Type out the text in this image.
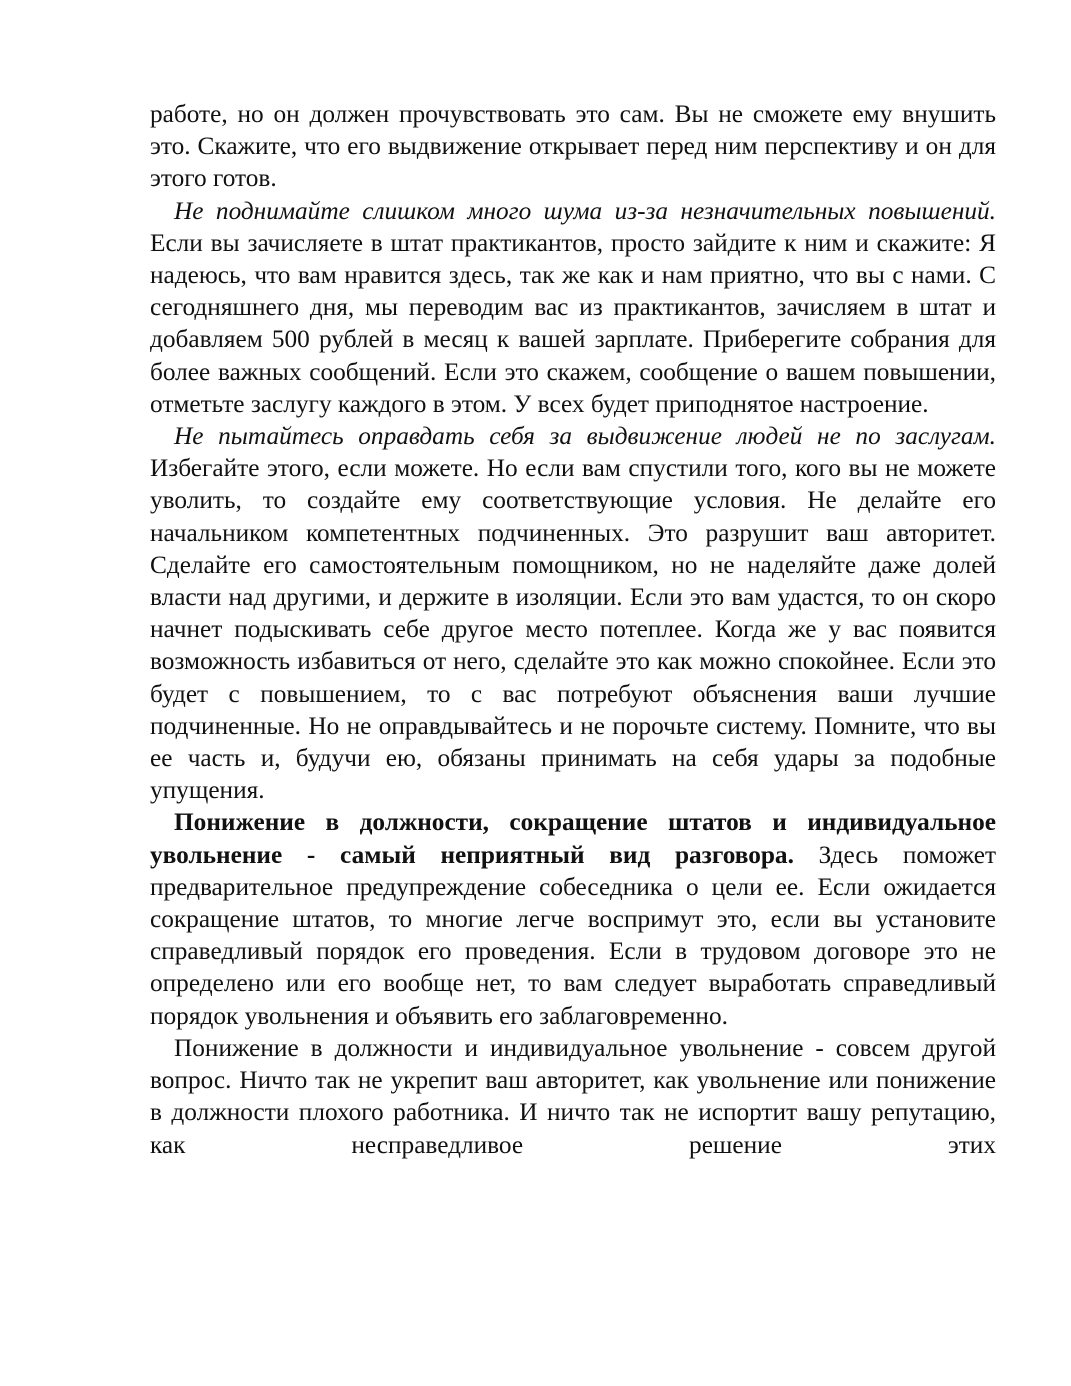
работе, но он должен прочувствовать это сам. Вы не сможете ему внушить это. Скажите, что его выдвижение открывает перед ним перспективу и он для этого готов.

Не поднимайте слишком много шума из-за незначительных повышений. Если вы зачисляете в штат практикантов, просто зайдите к ним и скажите: Я надеюсь, что вам нравится здесь, так же как и нам приятно, что вы с нами. С сегодняшнего дня, мы переводим вас из практикантов, зачисляем в штат и добавляем 500 рублей в месяц к вашей зарплате. Приберегите собрания для более важных сообщений. Если это скажем, сообщение о вашем повышении, отметьте заслугу каждого в этом. У всех будет приподнятое настроение.

Не пытайтесь оправдать себя за выдвижение людей не по заслугам. Избегайте этого, если можете. Но если вам спустили того, кого вы не можете уволить, то создайте ему соответствующие условия. Не делайте его начальником компетентных подчиненных. Это разрушит ваш авторитет. Сделайте его самостоятельным помощником, но не наделяйте даже долей власти над другими, и держите в изоляции. Если это вам удастся, то он скоро начнет подыскивать себе другое место потеплее. Когда же у вас появится возможность избавиться от него, сделайте это как можно спокойнее. Если это будет с повышением, то с вас потребуют объяснения ваши лучшие подчиненные. Но не оправдывайтесь и не порочьте систему. Помните, что вы ее часть и, будучи ею, обязаны принимать на себя удары за подобные упущения.

Понижение в должности, сокращение штатов и индивидуальное увольнение - самый неприятный вид разговора. Здесь поможет предварительное предупреждение собеседника о цели ее. Если ожидается сокращение штатов, то многие легче воспримут это, если вы установите справедливый порядок его проведения. Если в трудовом договоре это не определено или его вообще нет, то вам следует выработать справедливый порядок увольнения и объявить его заблаговременно.

Понижение в должности и индивидуальное увольнение - совсем другой вопрос. Ничто так не укрепит ваш авторитет, как увольнение или понижение в должности плохого работника. И ничто так не испортит вашу репутацию, как несправедливое решение этих
